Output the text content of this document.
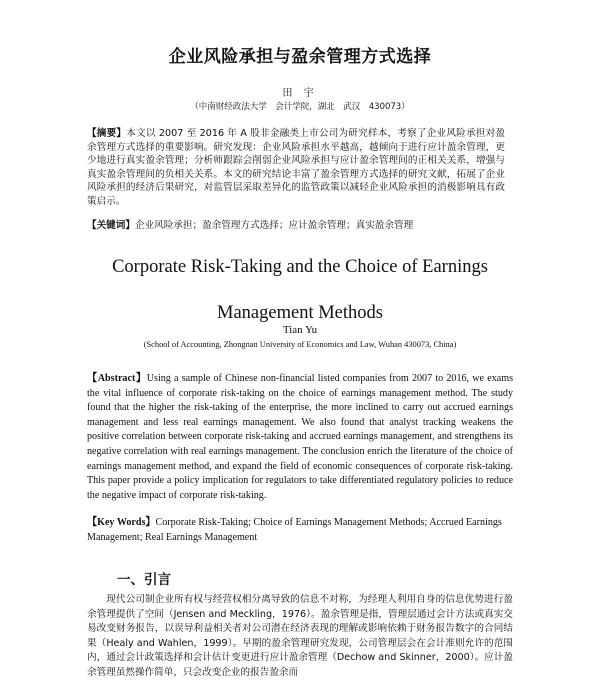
企业风险承担与盈余管理方式选择
田 宇
（中南财经政法大学　会计学院，湖北　武汉　430073）
【摘要】本文以 2007 至 2016 年 A 股非金融类上市公司为研究样本，考察了企业风险承担对盈余管理方式选择的重要影响。研究发现：企业风险承担水平越高，越倾向于进行应计盈余管理，更少地进行真实盈余管理；分析师跟踪会削弱企业风险承担与应计盈余管理间的正相关关系，增强与真实盈余管理间的负相关关系。本文的研究结论丰富了盈余管理方式选择的研究文献，拓展了企业风险承担的经济后果研究，对监管层采取差异化的监管政策以减轻企业风险承担的消极影响具有政策启示。
【关键词】企业风险承担；盈余管理方式选择；应计盈余管理；真实盈余管理
Corporate Risk-Taking and the Choice of Earnings
Management Methods
Tian Yu
(School of Accounting, Zhongnan University of Economics and Law, Wuhan 430073, China)
【Abstract】Using a sample of Chinese non-financial listed companies from 2007 to 2016, we exams the vital influence of corporate risk-taking on the choice of earnings management method. The study found that the higher the risk-taking of the enterprise, the more inclined to carry out accrued earnings management and less real earnings management. We also found that analyst tracking weakens the positive correlation between corporate risk-taking and accrued earnings management, and strengthens its negative correlation with real earnings management. The conclusion enrich the literature of the choice of earnings management method, and expand the field of economic consequences of corporate risk-taking. This paper provide a policy implication for regulators to take differentiated regulatory policies to reduce the negative impact of corporate risk-taking.
【Key Words】Corporate Risk-Taking; Choice of Earnings Management Methods; Accrued Earnings Management; Real Earnings Management
一、引言
现代公司制企业所有权与经营权相分离导致的信息不对称，为经理人利用自身的信息优势进行盈余管理提供了空间（Jensen and Meckling，1976）。盈余管理是指，管理层通过会计方法或真实交易改变财务报告，以误导利益相关者对公司潜在经济表现的理解或影响依赖于财务报告数字的合同结果（Healy and Wahlen，1999）。早期的盈余管理研究发现，公司管理层会在会计准则允许的范围内，通过会计政策选择和会计估计变更进行应计盈余管理（Dechow and Skinner，2000）。应计盈余管理虽然操作简单，只会改变企业的报告盈余而
